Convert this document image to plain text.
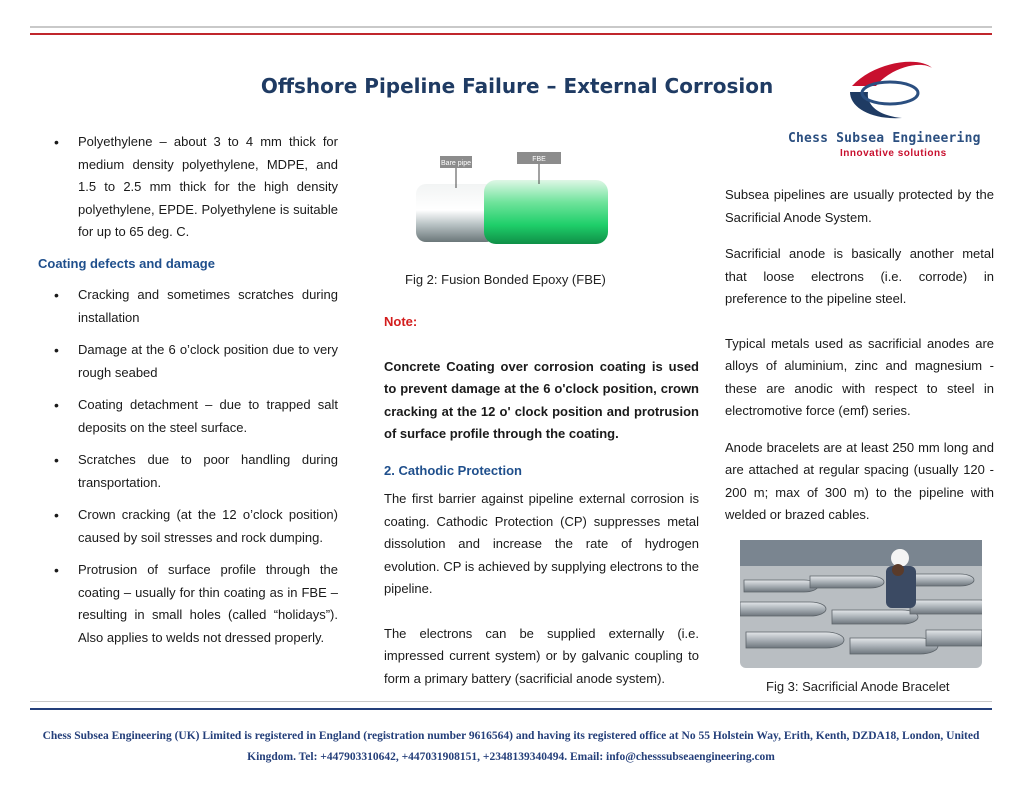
Offshore Pipeline Failure – External Corrosion
Chess Subsea Engineering
Innovative solutions
• Polyethylene – about 3 to 4 mm thick for medium density polyethylene, MDPE, and 1.5 to 2.5 mm thick for the high density polyethylene, EPDE. Polyethylene is suitable for up to 65 deg. C.
Coating defects and damage
• Cracking and sometimes scratches during installation
• Damage at the 6 o’clock position due to very rough seabed
• Coating detachment – due to trapped salt deposits on the steel surface.
• Scratches due to poor handling during transportation.
• Crown cracking (at the 12 o’clock position) caused by soil stresses and rock dumping.
• Protrusion of surface profile through the coating – usually for thin coating as in FBE – resulting in small holes (called “holidays”). Also applies to welds not dressed properly.
Bare pipe
FBE
Fig 2: Fusion Bonded Epoxy (FBE)
Note:

Concrete Coating over corrosion coating is used to prevent damage at the 6 o'clock position, crown cracking at the 12 o' clock position and protrusion of surface profile through the coating.

2. Cathodic Protection

The first barrier against pipeline external corrosion is coating. Cathodic Protection (CP) suppresses metal dissolution and increase the rate of hydrogen evolution. CP is achieved by supplying electrons to the pipeline.

The electrons can be supplied externally (i.e. impressed current system) or by galvanic coupling to form a primary battery (sacrificial anode system).

Subsea pipelines are usually protected by the Sacrificial Anode System.

Sacrificial anode is basically another metal that loose electrons (i.e. corrode) in preference to the pipeline steel.

Typical metals used as sacrificial anodes are alloys of aluminium, zinc and magnesium - these are anodic with respect to steel in electromotive force (emf) series.

Anode bracelets are at least 250 mm long and are attached at regular spacing (usually 120 - 200 m; max of 300 m) to the pipeline with welded or brazed cables.

Fig 3: Sacrificial Anode Bracelet
Chess Subsea Engineering (UK) Limited is registered in England (registration number 9616564) and having its registered office at No 55 Holstein Way, Erith, Kenth, DZDA18, London, United
Kingdom. Tel: +447903310642, +447031908151, +2348139340494. Email: info@chesssubseaengineering.com
